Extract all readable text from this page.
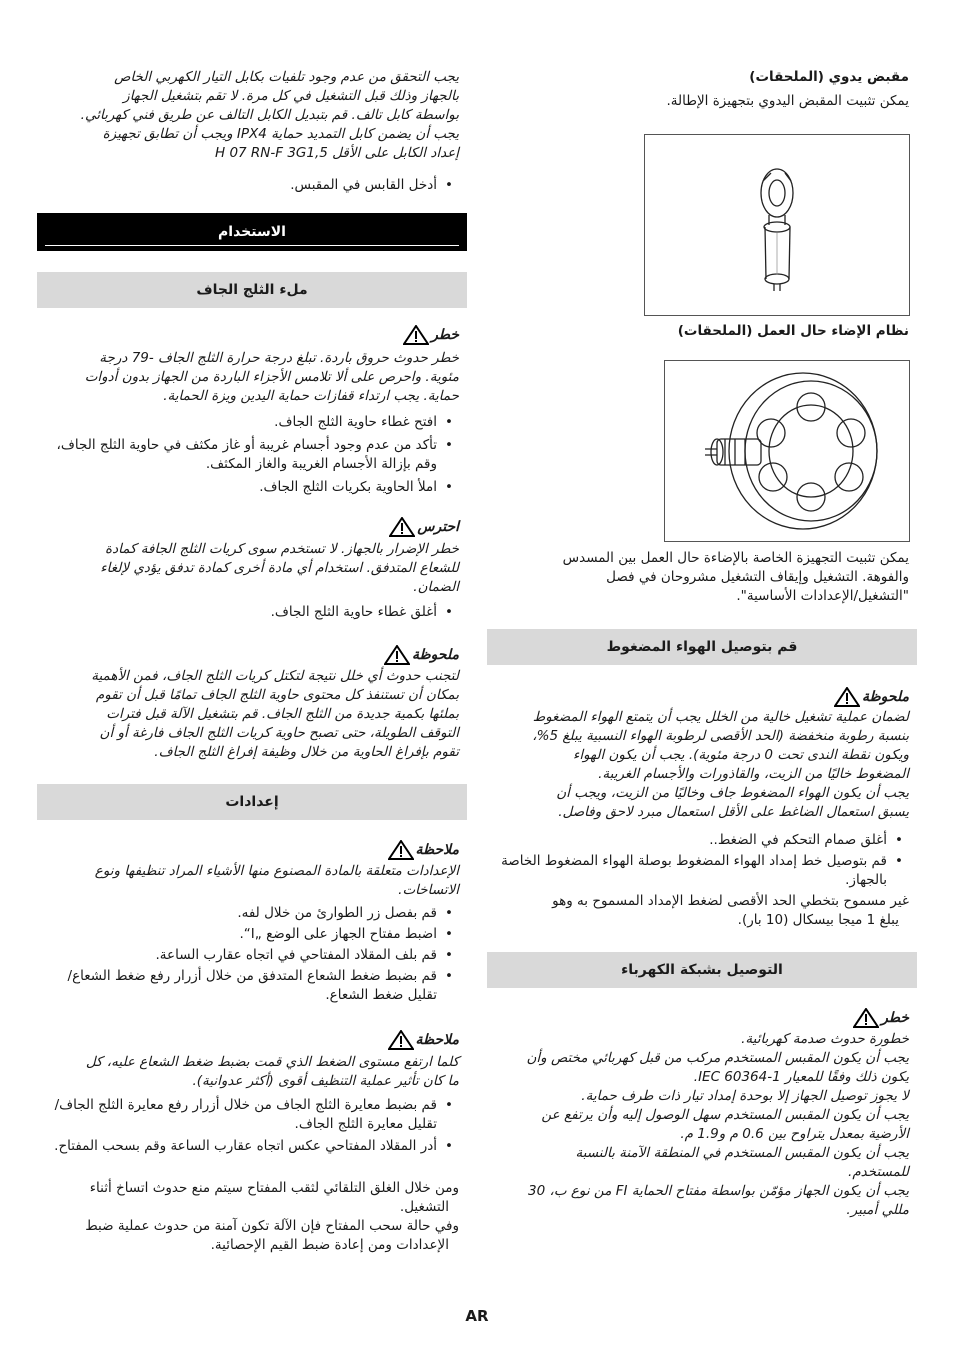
مقبض يدوي (الملحقات)

يمكن تثبيت المقبض اليدوي بتجهيزة الإطالة.

نظام الإضاء حال العمل (الملحقات)

يمكن تثبيت التجهيزة الخاصة بالإضاءة حال العمل بين المسدس

والفوهة. التشغيل وإيقاف التشغيل مشروحان في فصل

"التشغيل/الإعدادات الأساسية".

قم بتوصيل الهواء المضغوط
ملحوظة

لضمان عملية تشغيل خالية من الخلل يجب أن يتمتع الهواء المضغوط

بنسبة رطوبة منخفضة (الحد الأقصى لرطوبة الهواء النسبية يبلغ 5%،

ويكون نقطة الندى تحت 0 درجة مئوية). يجب أن يكون الهواء

المضغوط خاليًا من الزيت، والقاذورات والأجسام الغريبة.

يجب أن يكون الهواء المضغوط جاف وخاليًا من الزيت، ويجب أن

يسبق استعمال الضاغط على الأقل استعمال مبرد لاحق وفاصل.

• أغلق صمام التحكم في الضغط..

• قم بتوصيل خط إمداد الهواء المضغوط بوصلة الهواء المضغوط الخاصة بالجهاز.

غير مسموح بتخطي الحد الأقصى لضغط الإمداد المسموح به وهو

يبلغ 1 ميجا بيسكال (10 بار).

التوصيل بشبكة الكهرباء
خطر

خطورة حدوث صدمة كهربائية.

يجب أن يكون المقبس المستخدم مركب من قبل كهربائي مختص وأن

يكون ذلك وفقًا للمعيار IEC 60364-1.

لا يجوز توصيل الجهاز إلا بوحدة إمداد تيار ذات طرف حماية.

يجب أن يكون المقبس المستخدم سهل الوصول إليه وأن يرتفع عن

الأرضية بمعدل يتراوح بين 0.6 م و1.9 م.

يجب أن يكون المقبس المستخدم في المنطقة الآمنة بالنسبة

للمستخدم.

يجب أن يكون الجهاز مؤمّن بواسطة مفتاح الحماية FI من نوع ب، 30

مللي أمبير.

يجب التحقق من عدم وجود تلفيات بكابل التيار الكهربي الخاص

بالجهاز وذلك قبل التشغيل في كل مرة. لا تقم بتشغيل الجهاز

بواسطة كابل تالف. قم بتبديل الكابل التالف عن طريق فني كهربائي.

يجب أن يضمن كابل التمديد حماية IPX4 ويجب أن تطابق تجهيزة

إعداد الكابل على الأقل H 07 RN-F 3G1,5

• أدخل القابس في المقبس.

الاستخدام
ملء الثلج الجاف
خطر

خطر حدوث حروق باردة. تبلغ درجة حرارة الثلج الجاف -79 درجة

مئوية. واحرص على ألا تلامس الأجزاء الباردة من الجهاز بدون أدوات

حماية. يجب ارتداء قفازات حماية اليدين ويزة الحماية.

• افتح غطاء حاوية الثلج الجاف.

• تأكد من عدم وجود أجسام غريبة أو غاز مكثف في حاوية الثلج الجاف، وقم بإزالة الأجسام الغريبة والغاز المكثف.

• املأ الحاوية بكريات الثلج الجاف.

احترس

خطر الإضرار بالجهاز. لا تستخدم سوى كريات الثلج الجافة كمادة

للشعاع المتدفق. استخدام أي مادة أخرى كمادة تدفق يؤدي لإلغاء

الضمان.

• أغلق غطاء حاوية الثلج الجاف.

ملحوظة

لتجنب حدوث أي خلل نتيجة لتكتل كريات الثلج الجاف، فمن الأهمية

بمكان أن تستنفذ كل محتوى حاوية الثلج الجاف تمامًا قبل أن تقوم

بملئها بكمية جديدة من الثلج الجاف. قم بتشغيل الآلة قبل فترات

التوقف الطويلة، حتى تصبح حاوية كريات الثلج الجاف فارغة أو أن

تقوم بإفراغ الحاوية من خلال وظيفة إفراغ الثلج الجاف.

إعدادات
ملاحظة

الإعدادات متعلقة بالمادة المصنوع منها الأشياء المراد تنظيفها ونوع

الاتساخات.

• قم بفصل زر الطوارئ من خلال لفه.

• اضبط مفتاح الجهاز على الوضع „I“.

• قم بلف المقلاد المفتاحي في اتجاه عقارب الساعة.

• قم بضبط ضغط الشعاع المتدفق من خلال أزرار رفع ضغط الشعاع/تقليل ضغط الشعاع.

ملاحظة

كلما ارتفع مستوى الضغط الذي قمت بضبط ضغط الشعاع عليه، كل

ما كان تأثير عملية التنظيف أقوى (أكثر عدوانية).

• قم بضبط معايرة الثلج الجاف من خلال أزرار رفع معايرة الثلج الجاف/تقليل معايرة الثلج الجاف.

• أدر المقلاد المفتاحي عكس اتجاه عقارب الساعة وقم بسحب المفتاح.

ومن خلال الغلق التلقائي لثقب المفتاح سيتم منع حدوث اتساخ أثناء

التشغيل.

وفي حالة سحب المفتاح فإن الآلة تكون آمنة من حدوث عملية ضبط

الإعدادات ومن إعادة ضبط القيم الإحصائية.

AR
